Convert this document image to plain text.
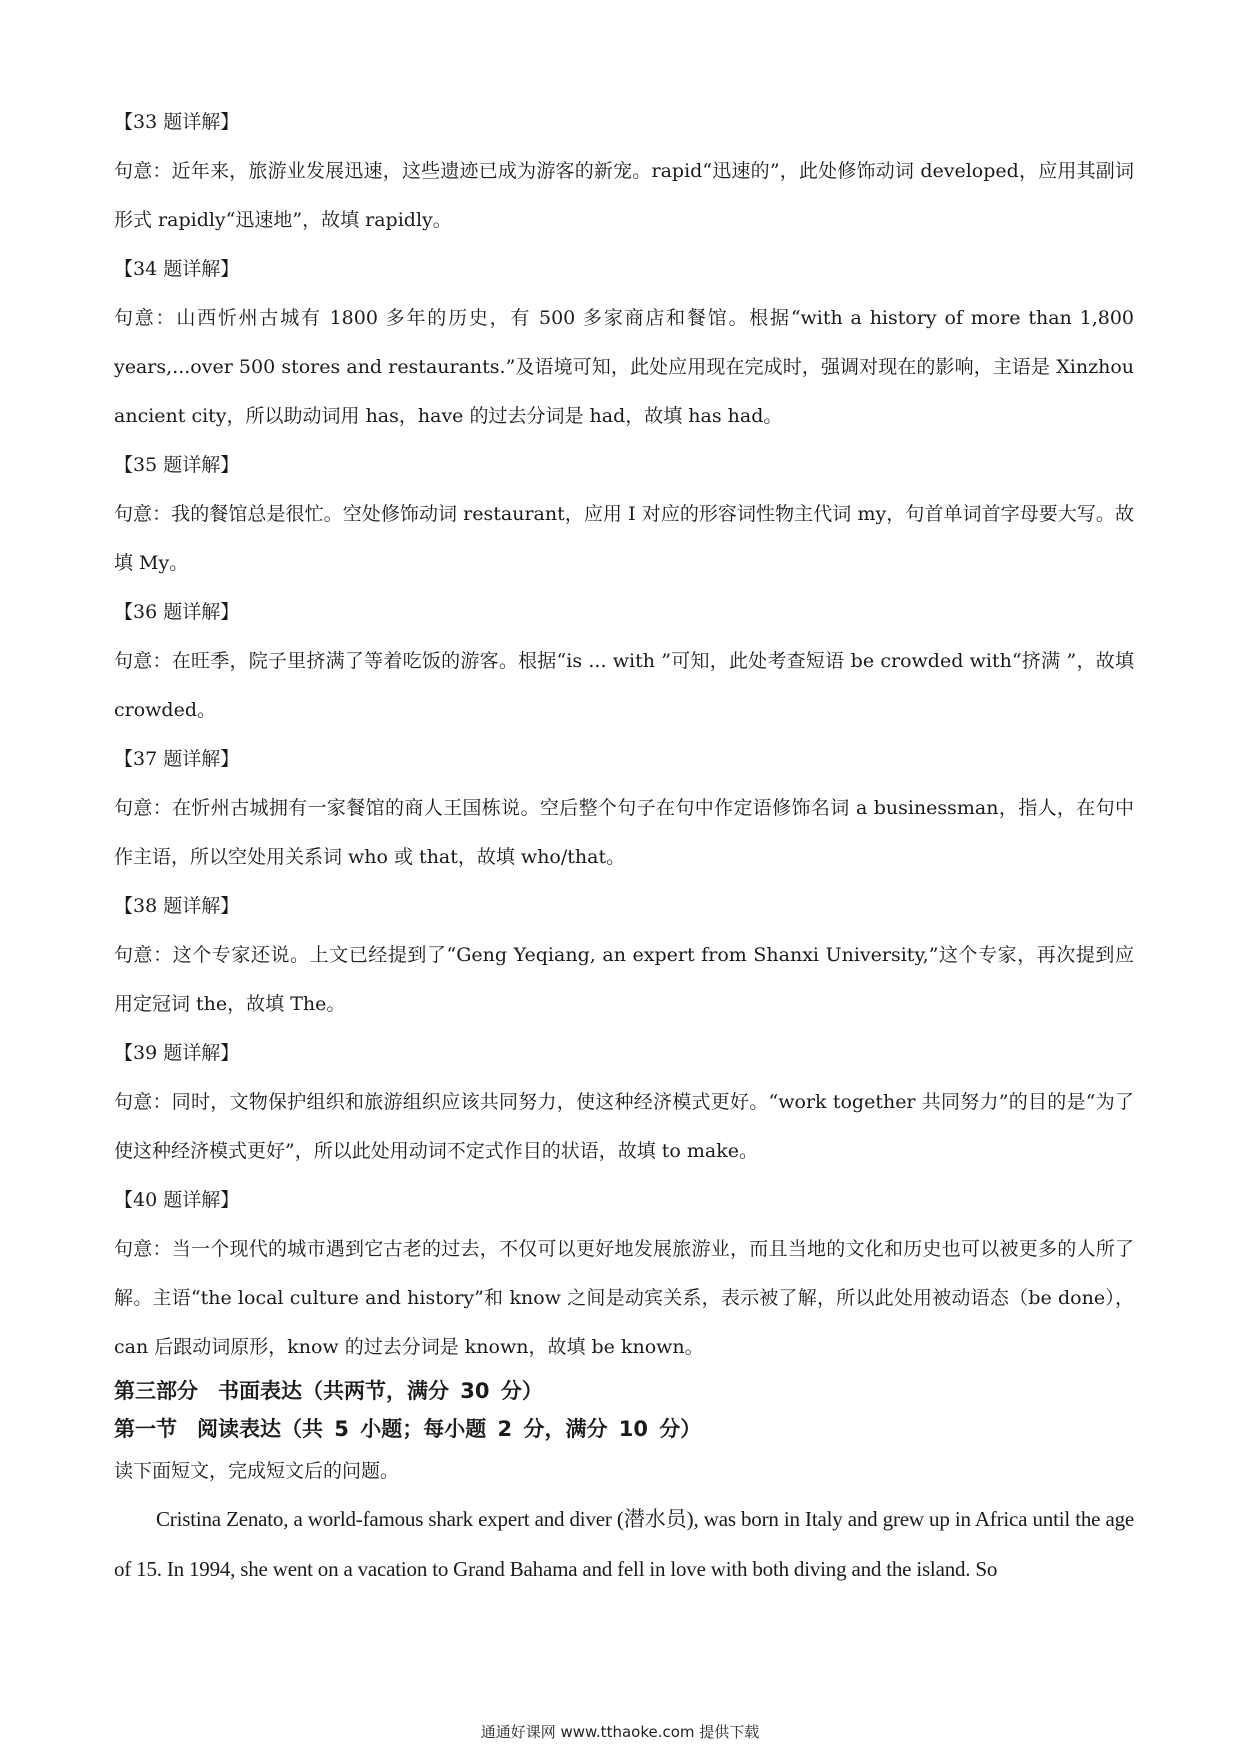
【33 题详解】
句意：近年来，旅游业发展迅速，这些遗迹已成为游客的新宠。rapid“迅速的”，此处修饰动词 developed，应用其副词形式 rapidly“迅速地”，故填 rapidly。
【34 题详解】
句意：山西忻州古城有 1800 多年的历史，有 500 多家商店和餐馆。根据“with a history of more than 1,800 years,...over 500 stores and restaurants.”及语境可知，此处应用现在完成时，强调对现在的影响，主语是 Xinzhou ancient city，所以助动词用 has，have 的过去分词是 had，故填 has had。
【35 题详解】
句意：我的餐馆总是很忙。空处修饰动词 restaurant，应用 I 对应的形容词性物主代词 my，句首单词首字母要大写。故填 My。
【36 题详解】
句意：在旺季，院子里挤满了等着吃饭的游客。根据“is ... with ”可知，此处考查短语 be crowded with“挤满 ”，故填 crowded。
【37 题详解】
句意：在忻州古城拥有一家餐馆的商人王国栋说。空后整个句子在句中作定语修饰名词 a businessman，指人，在句中作主语，所以空处用关系词 who 或 that，故填 who/that。
【38 题详解】
句意：这个专家还说。上文已经提到了“Geng Yeqiang, an expert from Shanxi University,”这个专家，再次提到应用定冠词 the，故填 The。
【39 题详解】
句意：同时，文物保护组织和旅游组织应该共同努力，使这种经济模式更好。“work together 共同努力”的目的是“为了使这种经济模式更好”，所以此处用动词不定式作目的状语，故填 to make。
【40 题详解】
句意：当一个现代的城市遇到它古老的过去，不仅可以更好地发展旅游业，而且当地的文化和历史也可以被更多的人所了解。主语“the local culture and history”和 know 之间是动宾关系，表示被了解，所以此处用被动语态（be done），can 后跟动词原形，know 的过去分词是 known，故填 be known。
第三部分 书面表达（共两节，满分 30 分）
第一节 阅读表达（共 5 小题；每小题 2 分，满分 10 分）
读下面短文，完成短文后的问题。
Cristina Zenato, a world-famous shark expert and diver (潜水员), was born in Italy and grew up in Africa until the age of 15. In 1994, she went on a vacation to Grand Bahama and fell in love with both diving and the island. So
通通好课网 www.tthaoke.com 提供下载
